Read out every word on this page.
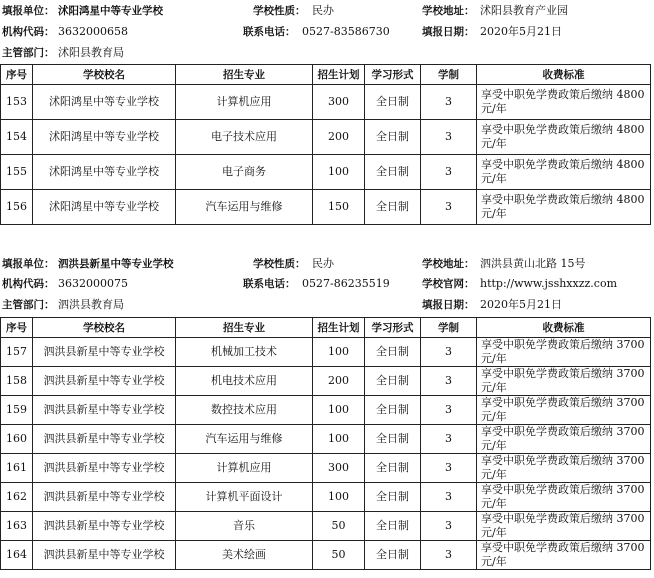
填报单位： 沭阳鸿星中等专业学校	学校性质： 民办	学校地址： 沭阳县教育产业园
机构代码： 3632000658	联系电话： 0527-83586730	填报日期： 2020年5月21日
主管部门： 沭阳县教育局
序号	学校校名	招生专业	招生计划	学习形式	学制	收费标准
153	沭阳鸿星中等专业学校	计算机应用	300	全日制	3	享受中职免学费政策后缴纳 4800元/年
154	沭阳鸿星中等专业学校	电子技术应用	200	全日制	3	享受中职免学费政策后缴纳 4800元/年
155	沭阳鸿星中等专业学校	电子商务	100	全日制	3	享受中职免学费政策后缴纳 4800元/年
156	沭阳鸿星中等专业学校	汽车运用与维修	150	全日制	3	享受中职免学费政策后缴纳 4800元/年
填报单位： 泗洪县新星中等专业学校	学校性质： 民办	学校地址： 泗洪县黄山北路 15号
机构代码： 3632000075	联系电话： 0527-86235519	学校官网： http://www.jsshxxzz.com
主管部门： 泗洪县教育局	填报日期： 2020年5月21日
序号	学校校名	招生专业	招生计划	学习形式	学制	收费标准
157	泗洪县新星中等专业学校	机械加工技术	100	全日制	3	享受中职免学费政策后缴纳 3700元/年
158	泗洪县新星中等专业学校	机电技术应用	200	全日制	3	享受中职免学费政策后缴纳 3700元/年
159	泗洪县新星中等专业学校	数控技术应用	100	全日制	3	享受中职免学费政策后缴纳 3700元/年
160	泗洪县新星中等专业学校	汽车运用与维修	100	全日制	3	享受中职免学费政策后缴纳 3700元/年
161	泗洪县新星中等专业学校	计算机应用	300	全日制	3	享受中职免学费政策后缴纳 3700元/年
162	泗洪县新星中等专业学校	计算机平面设计	100	全日制	3	享受中职免学费政策后缴纳 3700元/年
163	泗洪县新星中等专业学校	音乐	50	全日制	3	享受中职免学费政策后缴纳 3700元/年
164	泗洪县新星中等专业学校	美术绘画	50	全日制	3	享受中职免学费政策后缴纳 3700元/年
